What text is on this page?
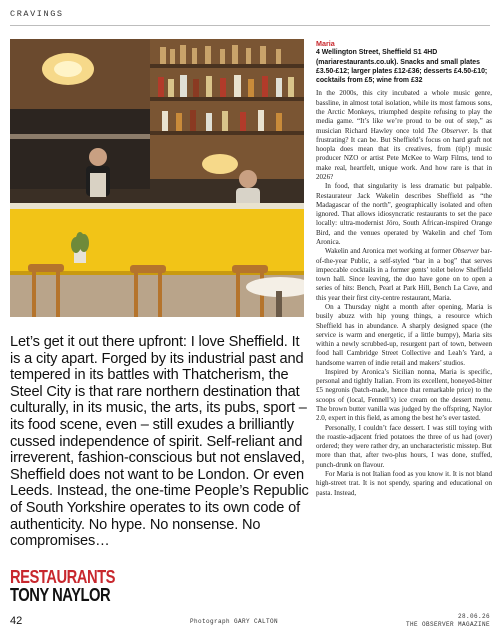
CRAVINGS
Let’s get it out there upfront: I love Sheffield. It is a city apart. Forged by its industrial past and tempered in its battles with Thatcherism, the Steel City is that rare northern destination that culturally, in its music, the arts, its pubs, sport – its food scene, even – still exudes a brilliantly cussed independence of spirit. Self-reliant and irreverent, fashion-conscious but not enslaved, Sheffield does not want to be London. Or even Leeds. Instead, the one-time People’s Republic of South Yorkshire operates to its own code of authenticity. No hype. No nonsense. No compromises…
RESTAURANTS
TONY NAYLOR
Maria
4 Wellington Street, Sheffield S1 4HD (mariarestaurants.co.uk). Snacks and small plates £3.50-£12; larger plates £12-£36; desserts £4.50-£10; cocktails from £5; wine from £32

In the 2000s, this city incubated a whole music genre, bassline, in almost total isolation, while its most famous sons, the Arctic Monkeys, triumphed despite refusing to play the media game. “It’s like we’re proud to be out of step,” as musician Richard Hawley once told The Observer. Is that frustrating? It can be. But Sheffield’s focus on hard graft not hoopla does mean that its creatives, from (tip!) music producer NZO or artist Pete McKee to Warp Films, tend to make real, heartfelt, unique work. And how rare is that in 2026?

In food, that singularity is less dramatic but palpable. Restaurateur Jack Wakelin describes Sheffield as “the Madagascar of the north”, geographically isolated and often ignored. That allows idiosyncratic restaurants to set the pace locally: ultra-modernist Jöro, South African-inspired Orange Bird, and the venues operated by Wakelin and chef Tom Aronica.

Wakelin and Aronica met working at former Observer bar-of-the-year Public, a self-styled “bar in a bog” that serves impeccable cocktails in a former gents’ toilet below Sheffield town hall. Since leaving, the duo have gone on to open a series of hits: Bench, Pearl at Park Hill, Bench La Cave, and this year their first city-centre restaurant, Maria.

On a Thursday night a month after opening, Maria is busily abuzz with hip young things, a resource which Sheffield has in abundance. A sharply designed space (the service is warm and energetic, if a little bumpy), Maria sits within a newly scrubbed-up, resurgent part of town, between food hall Cambridge Street Collective and Leah’s Yard, a handsome warren of indie retail and makers’ studios.

Inspired by Aronica’s Sicilian nonna, Maria is specific, personal and tightly Italian. From its excellent, honeyed-bitter £5 negronis (batch-made, hence that remarkable price) to the scoops of (local, Fennell’s) ice cream on the dessert menu. The brown butter vanilla was judged by the offspring, Naylor 2.0, expert in this field, as among the best he’s ever tasted.

Personally, I couldn’t face dessert. I was still toying with the roastie-adjacent fried potatoes the three of us had (over) ordered; they were rather dry, an uncharacteristic misstep. But more than that, after two-plus hours, I was done, stuffed, punch-drunk on flavour.

For Maria is not Italian food as you know it. It is not bland high-street trat. It is not spendy, sparing and educational on pasta. Instead,

42	Photograph GARY CALTON
28.06.26
THE OBSERVER MAGAZINE
